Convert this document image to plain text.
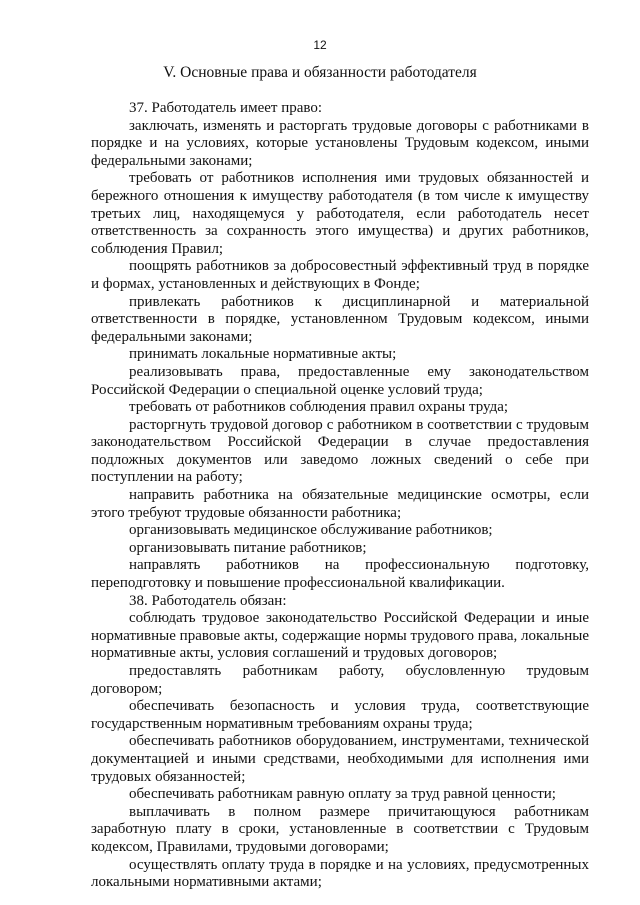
12
V. Основные права и обязанности работодателя

37. Работодатель имеет право:

заключать, изменять и расторгать трудовые договоры с работниками в порядке и на условиях, которые установлены Трудовым кодексом, иными федеральными законами;

требовать от работников исполнения ими трудовых обязанностей и бережного отношения к имуществу работодателя (в том числе к имуществу третьих лиц, находящемуся у работодателя, если работодатель несет ответственность за сохранность этого имущества) и других работников, соблюдения Правил;

поощрять работников за добросовестный эффективный труд в порядке и формах, установленных и действующих в Фонде;

привлекать работников к дисциплинарной и материальной ответственности в порядке, установленном Трудовым кодексом, иными федеральными законами;

принимать локальные нормативные акты;

реализовывать права, предоставленные ему законодательством Российской Федерации о специальной оценке условий труда;

требовать от работников соблюдения правил охраны труда;

расторгнуть трудовой договор с работником в соответствии с трудовым законодательством Российской Федерации в случае предоставления подложных документов или заведомо ложных сведений о себе при поступлении на работу;

направить работника на обязательные медицинские осмотры, если этого требуют трудовые обязанности работника;

организовывать медицинское обслуживание работников;

организовывать питание работников;

направлять работников на профессиональную подготовку, переподготовку и повышение профессиональной квалификации.

38. Работодатель обязан:

соблюдать трудовое законодательство Российской Федерации и иные нормативные правовые акты, содержащие нормы трудового права, локальные нормативные акты, условия соглашений и трудовых договоров;

предоставлять работникам работу, обусловленную трудовым договором;

обеспечивать безопасность и условия труда, соответствующие государственным нормативным требованиям охраны труда;

обеспечивать работников оборудованием, инструментами, технической документацией и иными средствами, необходимыми для исполнения ими трудовых обязанностей;

обеспечивать работникам равную оплату за труд равной ценности;

выплачивать в полном размере причитающуюся работникам заработную плату в сроки, установленные в соответствии с Трудовым кодексом, Правилами, трудовыми договорами;

осуществлять оплату труда в порядке и на условиях, предусмотренных локальными нормативными актами;
